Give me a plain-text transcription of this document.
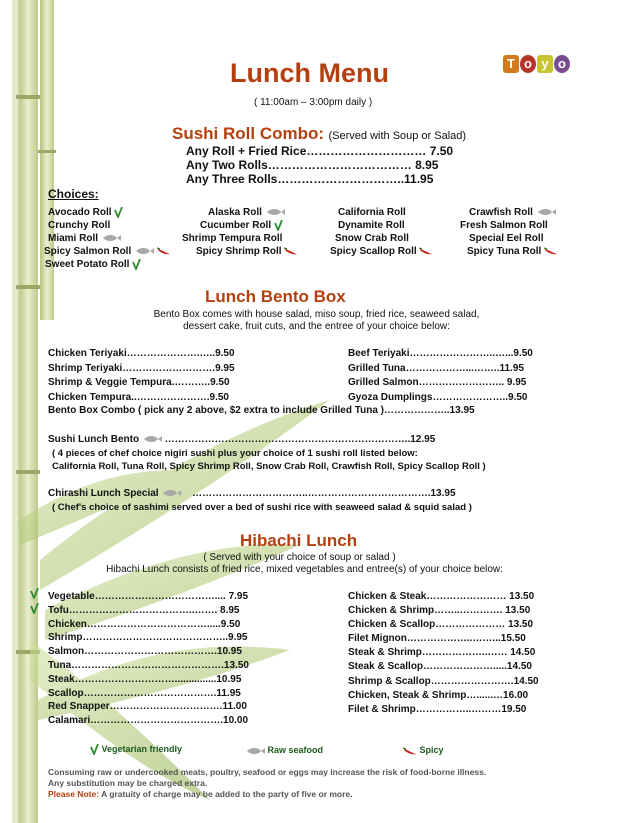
T o y o
Lunch Menu
( 11:00am – 3:00pm daily )
Sushi Roll Combo: (Served with Soup or Salad)
Any Roll + Fried Rice………………………… 7.50
Any Two Rolls……………………………… 8.95
Any Three Rolls…………………………..11.95
Choices:
Avocado Roll
Crunchy Roll
Miami Roll
Spicy Salmon Roll
Sweet Potato Roll
Alaska Roll
Cucumber Roll
Shrimp Tempura Roll
Spicy Shrimp Roll
California Roll
Dynamite Roll
Snow Crab Roll
Spicy Scallop Roll
Crawfish Roll
Fresh Salmon Roll
Special Eel Roll
Spicy Tuna Roll
Lunch Bento Box
Bento Box comes with house salad, miso soup, fried rice, seaweed salad,
dessert cake, fruit cuts, and the entree of your choice below:
Chicken Teriyaki………………….…..9.50
Shrimp Teriyaki……………………….9.95
Shrimp & Veggie Tempura.………..9.50
Chicken Tempura..………………….9.50
Beef Teriyaki……………………..…...9.50
Grilled Tuna………………...……..11.95
Grilled Salmon…………………….. 9.95
Gyoza Dumplings…………………..9.50
Bento Box Combo ( pick any 2 above, $2 extra to include Grilled Tuna )………………..13.95
Sushi Lunch Bento	………………………………………………………………..12.95
( 4 pieces of chef choice nigiri sushi plus your choice of 1 sushi roll listed below:
California Roll, Tuna Roll, Spicy Shrimp Roll, Snow Crab Roll, Crawfish Roll, Spicy Scallop Roll )
Chirashi Lunch Special	……………………………..……………………………….13.95
( Chef's choice of sashimi served over a bed of sushi rice with seaweed salad & squid salad )
Hibachi Lunch
( Served with your choice of soup or salad )
Hibachi Lunch consists of fried rice, mixed vegetables and entree(s) of your choice below:
Vegetable……………………………….... 7.95
Tofu………………………………..……. 8.95
Chicken……………………………….....9.50
Shrimp……………………………………..9.95
Salmon………………………………….10.95
Tuna……………………………………….13.50
Steak…………………………...............10.95
Scallop………………………………….11.95
Red Snapper…………………………….11.00
Calamari………………………………….10.00
Chicken & Steak…………………… 13.50
Chicken & Shrimp……..…………. 13.50
Chicken & Scallop………………… 13.50
Filet Mignon………………..……...15.50
Steak & Shrimp………………..…… 14.50
Steak & Scallop………………….....14.50
Shrimp & Scallop…………………….14.50
Chicken, Steak & Shrimp…......…16.00
Filet & Shrimp……………..………19.50
Vegetarian friendly	Raw seafood	Spicy
Consuming raw or undercooked meats, poultry, seafood or eggs may increase the risk of food-borne illness.
Any substitution may be charged extra.
Please Note: A gratuity of charge may be added to the party of five or more.
